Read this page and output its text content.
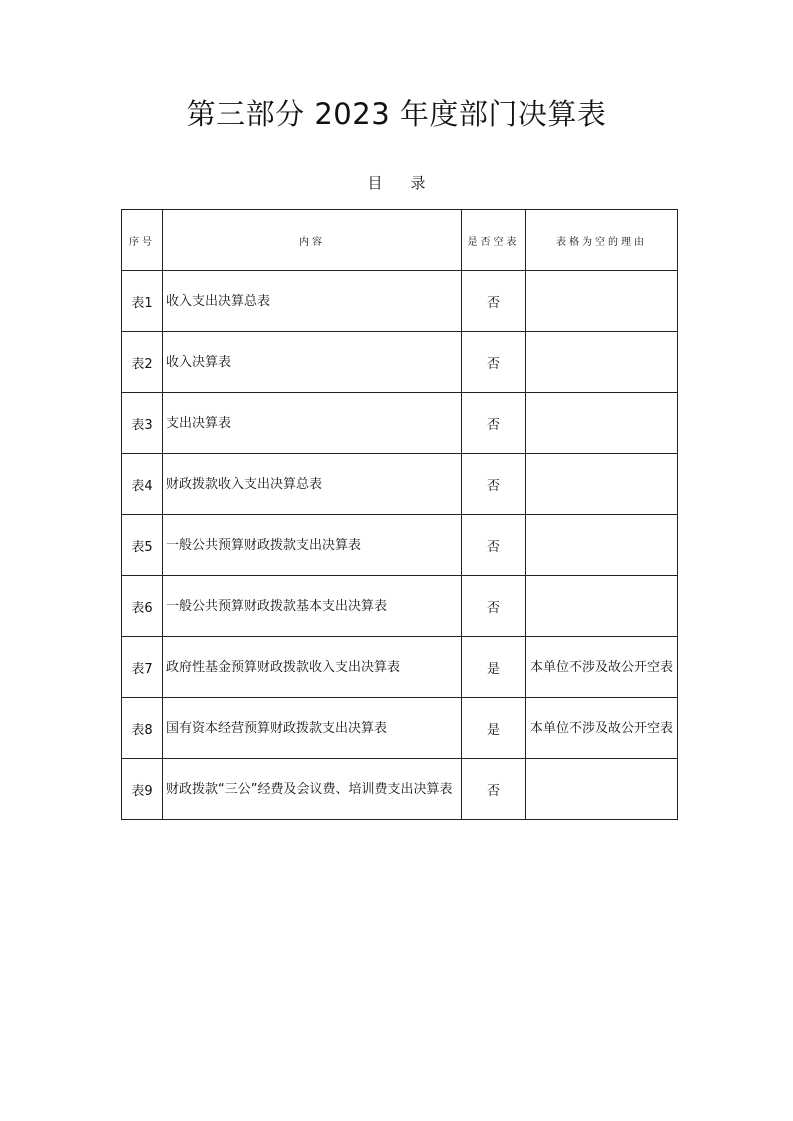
第三部分 2023 年度部门决算表
目录
序号	内容	是否空表	表格为空的理由
表1	收入支出决算总表	否	
表2	收入决算表	否	
表3	支出决算表	否	
表4	财政拨款收入支出决算总表	否	
表5	一般公共预算财政拨款支出决算表	否	
表6	一般公共预算财政拨款基本支出决算表	否	
表7	政府性基金预算财政拨款收入支出决算表	是	本单位不涉及故公开空表
表8	国有资本经营预算财政拨款支出决算表	是	本单位不涉及故公开空表
表9	财政拨款“三公”经费及会议费、培训费支出决算表	否	
